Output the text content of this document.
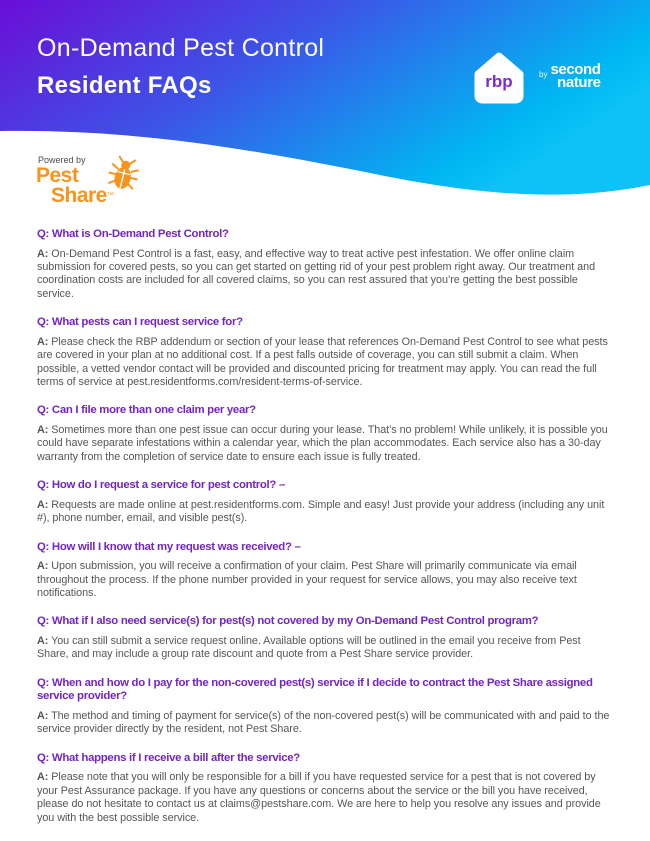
On-Demand Pest Control
Resident FAQs	rbp	by second
nature

Powered by

Pest

Share™

Q: What is On-Demand Pest Control?

A: On-Demand Pest Control is a fast, easy, and effective way to treat active pest infestation. We offer online claim submission for covered pests, so you can get started on getting rid of your pest problem right away. Our treatment and coordination costs are included for all covered claims, so you can rest assured that you’re getting the best possible service.

Q: What pests can I request service for?

A: Please check the RBP addendum or section of your lease that references On-Demand Pest Control to see what pests are covered in your plan at no additional cost. If a pest falls outside of coverage, you can still submit a claim. When possible, a vetted vendor contact will be provided and discounted pricing for treatment may apply. You can read the full terms of service at pest.residentforms.com/resident-terms-of-service.

Q: Can I file more than one claim per year?

A: Sometimes more than one pest issue can occur during your lease. That’s no problem! While unlikely, it is possible you could have separate infestations within a calendar year, which the plan accommodates. Each service also has a 30-day warranty from the completion of service date to ensure each issue is fully treated.

Q: How do I request a service for pest control? –

A: Requests are made online at pest.residentforms.com. Simple and easy! Just provide your address (including any unit #), phone number, email, and visible pest(s).

Q: How will I know that my request was received? –

A: Upon submission, you will receive a confirmation of your claim. Pest Share will primarily communicate via email throughout the process. If the phone number provided in your request for service allows, you may also receive text notifications.

Q: What if I also need service(s) for pest(s) not covered by my On-Demand Pest Control program?

A: You can still submit a service request online. Available options will be outlined in the email you receive from Pest Share, and may include a group rate discount and quote from a Pest Share service provider.

Q: When and how do I pay for the non-covered pest(s) service if I decide to contract the Pest Share assigned service provider?

A: The method and timing of payment for service(s) of the non-covered pest(s) will be communicated with and paid to the service provider directly by the resident, not Pest Share.

Q: What happens if I receive a bill after the service?

A: Please note that you will only be responsible for a bill if you have requested service for a pest that is not covered by your Pest Assurance package. If you have any questions or concerns about the service or the bill you have received, please do not hesitate to contact us at claims@pestshare.com. We are here to help you resolve any issues and provide you with the best possible service.
